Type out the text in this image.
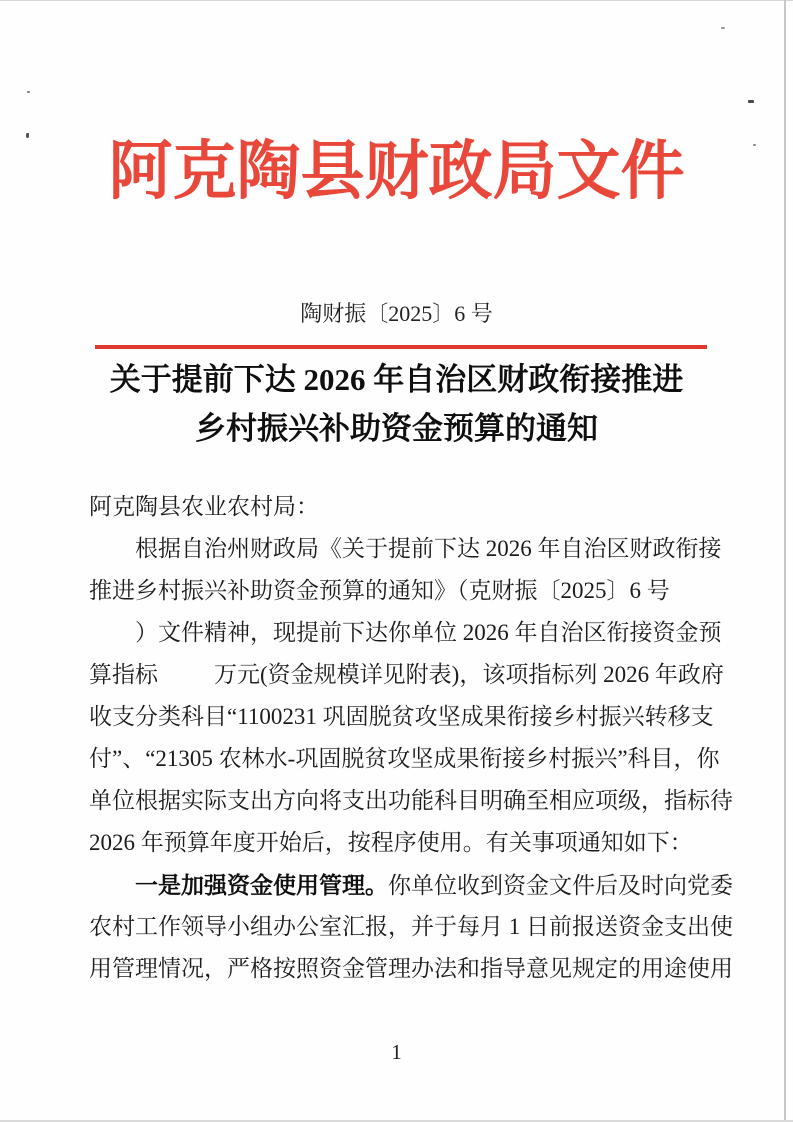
阿克陶县财政局文件
陶财振〔2025〕6 号
关于提前下达 2026 年自治区财政衔接推进
乡村振兴补助资金预算的通知
阿克陶县农业农村局：
根据自治州财政局《关于提前下达 2026 年自治区财政衔接
推进乡村振兴补助资金预算的通知》（克财振〔2025〕6 号
）文件精神，现提前下达你单位 2026 年自治区衔接资金预
算指标 万元(资金规模详见附表)，该项指标列 2026 年政府
收支分类科目“1100231 巩固脱贫攻坚成果衔接乡村振兴转移支
付”、“21305 农林水-巩固脱贫攻坚成果衔接乡村振兴”科目，你
单位根据实际支出方向将支出功能科目明确至相应项级，指标待
2026 年预算年度开始后，按程序使用。有关事项通知如下：
一是加强资金使用管理。你单位收到资金文件后及时向党委
农村工作领导小组办公室汇报，并于每月 1 日前报送资金支出使
用管理情况，严格按照资金管理办法和指导意见规定的用途使用
1
